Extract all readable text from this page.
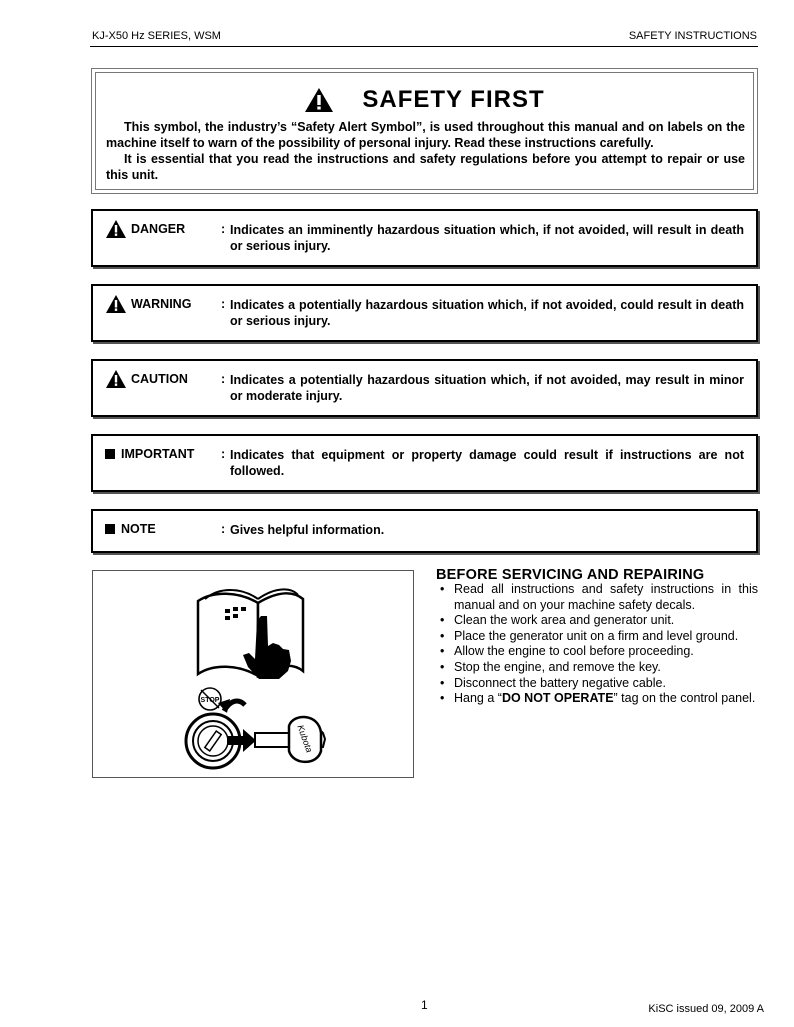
KJ-X50 Hz SERIES, WSM	SAFETY INSTRUCTIONS
SAFETY FIRST

This symbol, the industry’s “Safety Alert Symbol”, is used throughout this manual and on labels on the machine itself to warn of the possibility of personal injury. Read these instructions carefully.

It is essential that you read the instructions and safety regulations before you attempt to repair or use this unit.

DANGER	: Indicates an imminently hazardous situation which, if not avoided, will result in death or serious injury.
WARNING : Indicates a potentially hazardous situation which, if not avoided, could result in death or serious injury.
CAUTION	: Indicates a potentially hazardous situation which, if not avoided, may result in minor or moderate injury.
IMPORTANT : Indicates that equipment or property damage could result if instructions are not followed.
NOTE	: Gives helpful information.
STOP
Kubota
BEFORE SERVICING AND REPAIRING
• Read all instructions and safety instructions in this manual and on your machine safety decals.
• Clean the work area and generator unit.
• Place the generator unit on a firm and level ground.
• Allow the engine to cool before proceeding.
• Stop the engine, and remove the key.
• Disconnect the battery negative cable.
• Hang a “DO NOT OPERATE” tag on the control panel.
1	KiSC issued 09, 2009 A
